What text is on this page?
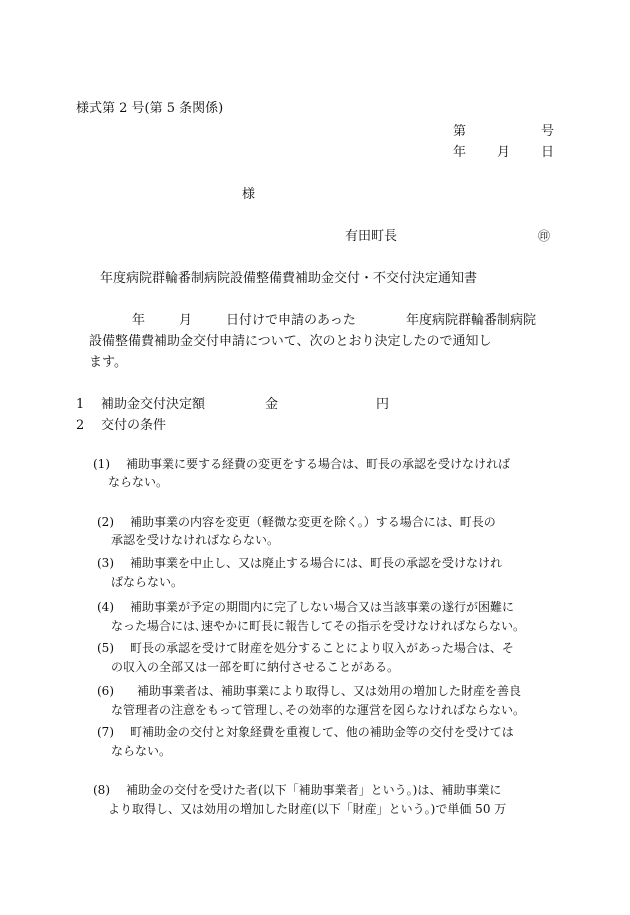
様式第 2 号(第 5 条関係)
第	号
年 月 日
様
有田町長	㊞
年度病院群輪番制病院設備整備費補助金交付・不交付決定通知書
年	月	日付けで申請のあった	年度病院群輪番制病院
設備整備費補助金交付申請について、次のとおり決定したので通知し
ます。
1 補助金交付決定額	金	円
2 交付の条件
(1) 補助事業に要する経費の変更をする場合は、町長の承認を受けなければ
ならない。
(2) 補助事業の内容を変更（軽微な変更を除く。）する場合には、町長の
承認を受けなければならない。
(3) 補助事業を中止し、又は廃止する場合には、町長の承認を受けなけれ
ばならない。
(4) 補助事業が予定の期間内に完了しない場合又は当該事業の遂行が困難に
なった場合には､速やかに町長に報告してその指示を受けなければならない。
(5) 町長の承認を受けて財産を処分することにより収入があった場合は、そ
の収入の全部又は一部を町に納付させることがある。
(6) 補助事業者は、補助事業により取得し、又は効用の増加した財産を善良
な管理者の注意をもって管理し､その効率的な運営を図らなければならない。
(7) 町補助金の交付と対象経費を重複して、他の補助金等の交付を受けては
ならない。
(8) 補助金の交付を受けた者(以下「補助事業者」という。)は、補助事業に
より取得し、又は効用の増加した財産(以下「財産」という。)で単価 50 万
